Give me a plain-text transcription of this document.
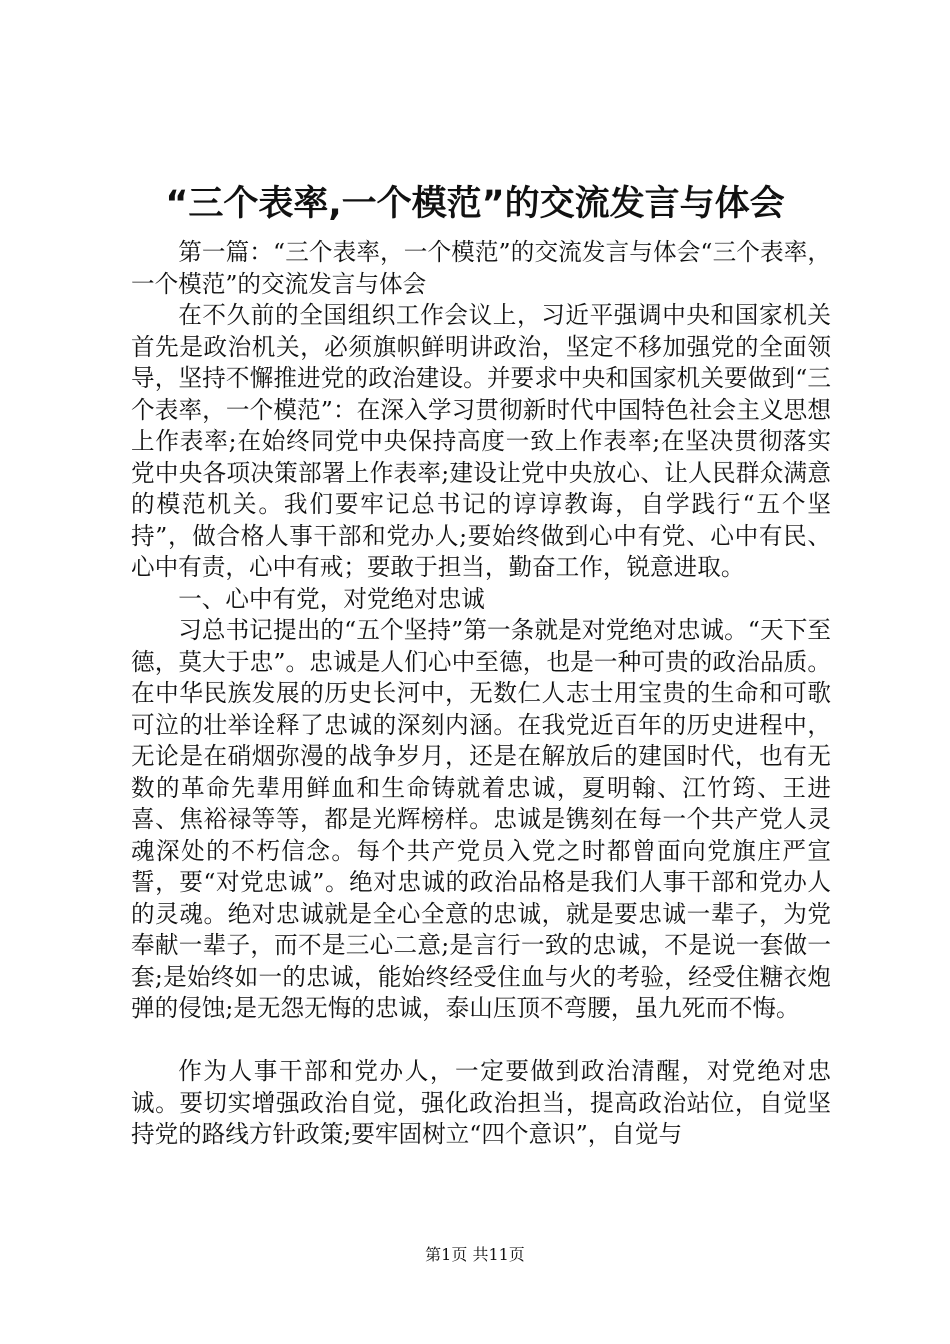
“三个表率,一个模范”的交流发言与体会

第一篇：“三个表率，一个模范”的交流发言与体会“三个表率，一个模范”的交流发言与体会

在不久前的全国组织工作会议上，习近平强调中央和国家机关首先是政治机关，必须旗帜鲜明讲政治，坚定不移加强党的全面领导，坚持不懈推进党的政治建设。并要求中央和国家机关要做到“三个表率，一个模范”：在深入学习贯彻新时代中国特色社会主义思想上作表率;在始终同党中央保持高度一致上作表率;在坚决贯彻落实党中央各项决策部署上作表率;建设让党中央放心、让人民群众满意的模范机关。我们要牢记总书记的谆谆教诲，自学践行“五个坚持”，做合格人事干部和党办人;要始终做到心中有党、心中有民、心中有责，心中有戒；要敢于担当，勤奋工作，锐意进取。

一、心中有党，对党绝对忠诚

习总书记提出的“五个坚持”第一条就是对党绝对忠诚。“天下至德，莫大于忠”。忠诚是人们心中至德，也是一种可贵的政治品质。在中华民族发展的历史长河中，无数仁人志士用宝贵的生命和可歌可泣的壮举诠释了忠诚的深刻内涵。在我党近百年的历史进程中，无论是在硝烟弥漫的战争岁月，还是在解放后的建国时代，也有无数的革命先辈用鲜血和生命铸就着忠诚，夏明翰、江竹筠、王进喜、焦裕禄等等，都是光辉榜样。忠诚是镌刻在每一个共产党人灵魂深处的不朽信念。每个共产党员入党之时都曾面向党旗庄严宣誓，要“对党忠诚”。绝对忠诚的政治品格是我们人事干部和党办人的灵魂。绝对忠诚就是全心全意的忠诚，就是要忠诚一辈子，为党奉献一辈子，而不是三心二意;是言行一致的忠诚，不是说一套做一套;是始终如一的忠诚，能始终经受住血与火的考验，经受住糖衣炮弹的侵蚀;是无怨无悔的忠诚，泰山压顶不弯腰，虽九死而不悔。

作为人事干部和党办人，一定要做到政治清醒，对党绝对忠诚。要切实增强政治自觉，强化政治担当，提高政治站位，自觉坚持党的路线方针政策;要牢固树立“四个意识”，自觉与

第1页 共11页
